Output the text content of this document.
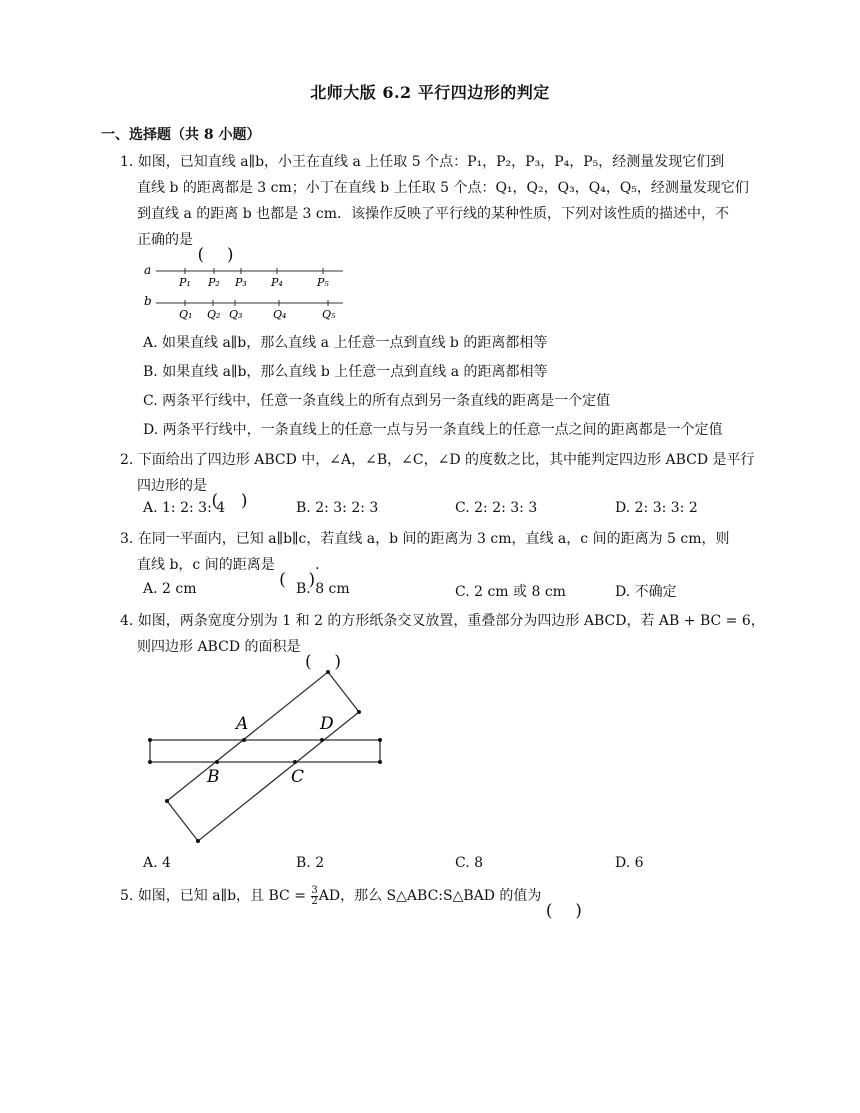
北师大版 6.2 平行四边形的判定
一、选择题（共 8 小题）
1. 如图，已知直线 a∥b，小王在直线 a 上任取 5 个点：P₁，P₂，P₃，P₄，P₅，经测量发现它们到
直线 b 的距离都是 3 cm；小丁在直线 b 上任取 5 个点：Q₁，Q₂，Q₃，Q₄，Q₅，经测量发现它们
到直线 a 的距离 b 也都是 3 cm．该操作反映了平行线的某种性质，下列对该性质的描述中，不
正确的是
a
b
P₁ P₂ P₃ P₄	P₅
Q₁ Q₂ Q₃	Q₄	Q₅
A. 如果直线 a∥b，那么直线 a 上任意一点到直线 b 的距离都相等
B. 如果直线 a∥b，那么直线 b 上任意一点到直线 a 的距离都相等
C. 两条平行线中，任意一条直线上的所有点到另一条直线的距离是一个定值
D. 两条平行线中，一条直线上的任意一点与另一条直线上的任意一点之间的距离都是一个定值
2. 下面给出了四边形 ABCD 中，∠A，∠B，∠C，∠D 的度数之比，其中能判定四边形 ABCD 是平行
四边形的是
A. 1: 2: 3: 4	B. 2: 3: 2: 3	C. 2: 2: 3: 3	D. 2: 3: 3: 2
3. 在同一平面内，已知 a∥b∥c，若直线 a，b 间的距离为 3 cm，直线 a，c 间的距离为 5 cm，则
直线 b，c 间的距离是	．
A. 2 cm	B. 8 cm	C. 2 cm 或 8 cm	D. 不确定
4. 如图，两条宽度分别为 1 和 2 的方形纸条交叉放置，重叠部分为四边形 ABCD，若 AB + BC = 6，
则四边形 ABCD 的面积是
A	D
B	C
A. 4	B. 2	C. 8	D. 6
5. 如图，已知 a∥b，且 BC = $\frac{3}{2}$ AD，那么 S△ABC:S△BAD 的值为
